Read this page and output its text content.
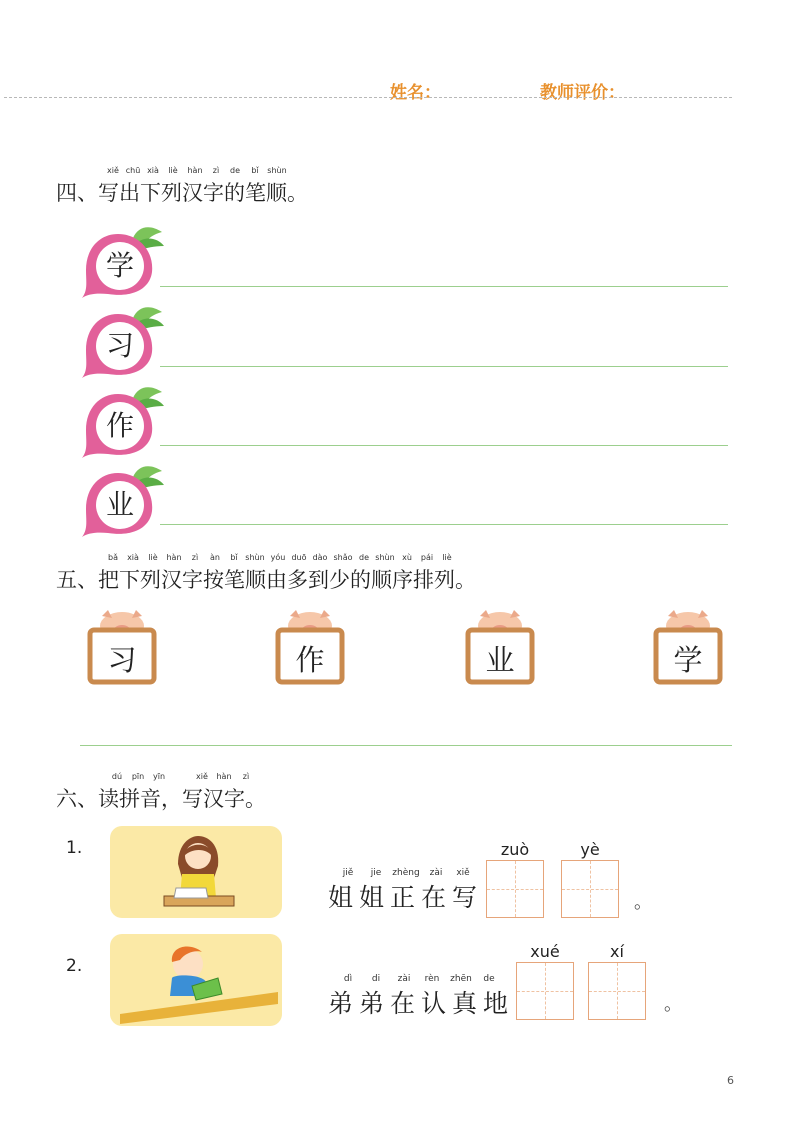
姓名：	教师评价：
xiě chū xià liè hàn zì de bǐ shùn
四、写出下列汉字的笔顺。
学
习
作
业
bǎ xià liè hàn zì àn bǐ shùn yóu duō dào shǎo de shùn xù pái liè
五、把下列汉字按笔顺由多到少的顺序排列。
习	作	业	学
dú pīn yīn	xiě hàn zì
六、读拼音，写汉字。
1.
jiě jie zhèng zài xiě
姐姐正在写
zuò	yè
。
2.
dì di zài rèn zhēn de
弟弟在认真地
xué	xí
。
6
